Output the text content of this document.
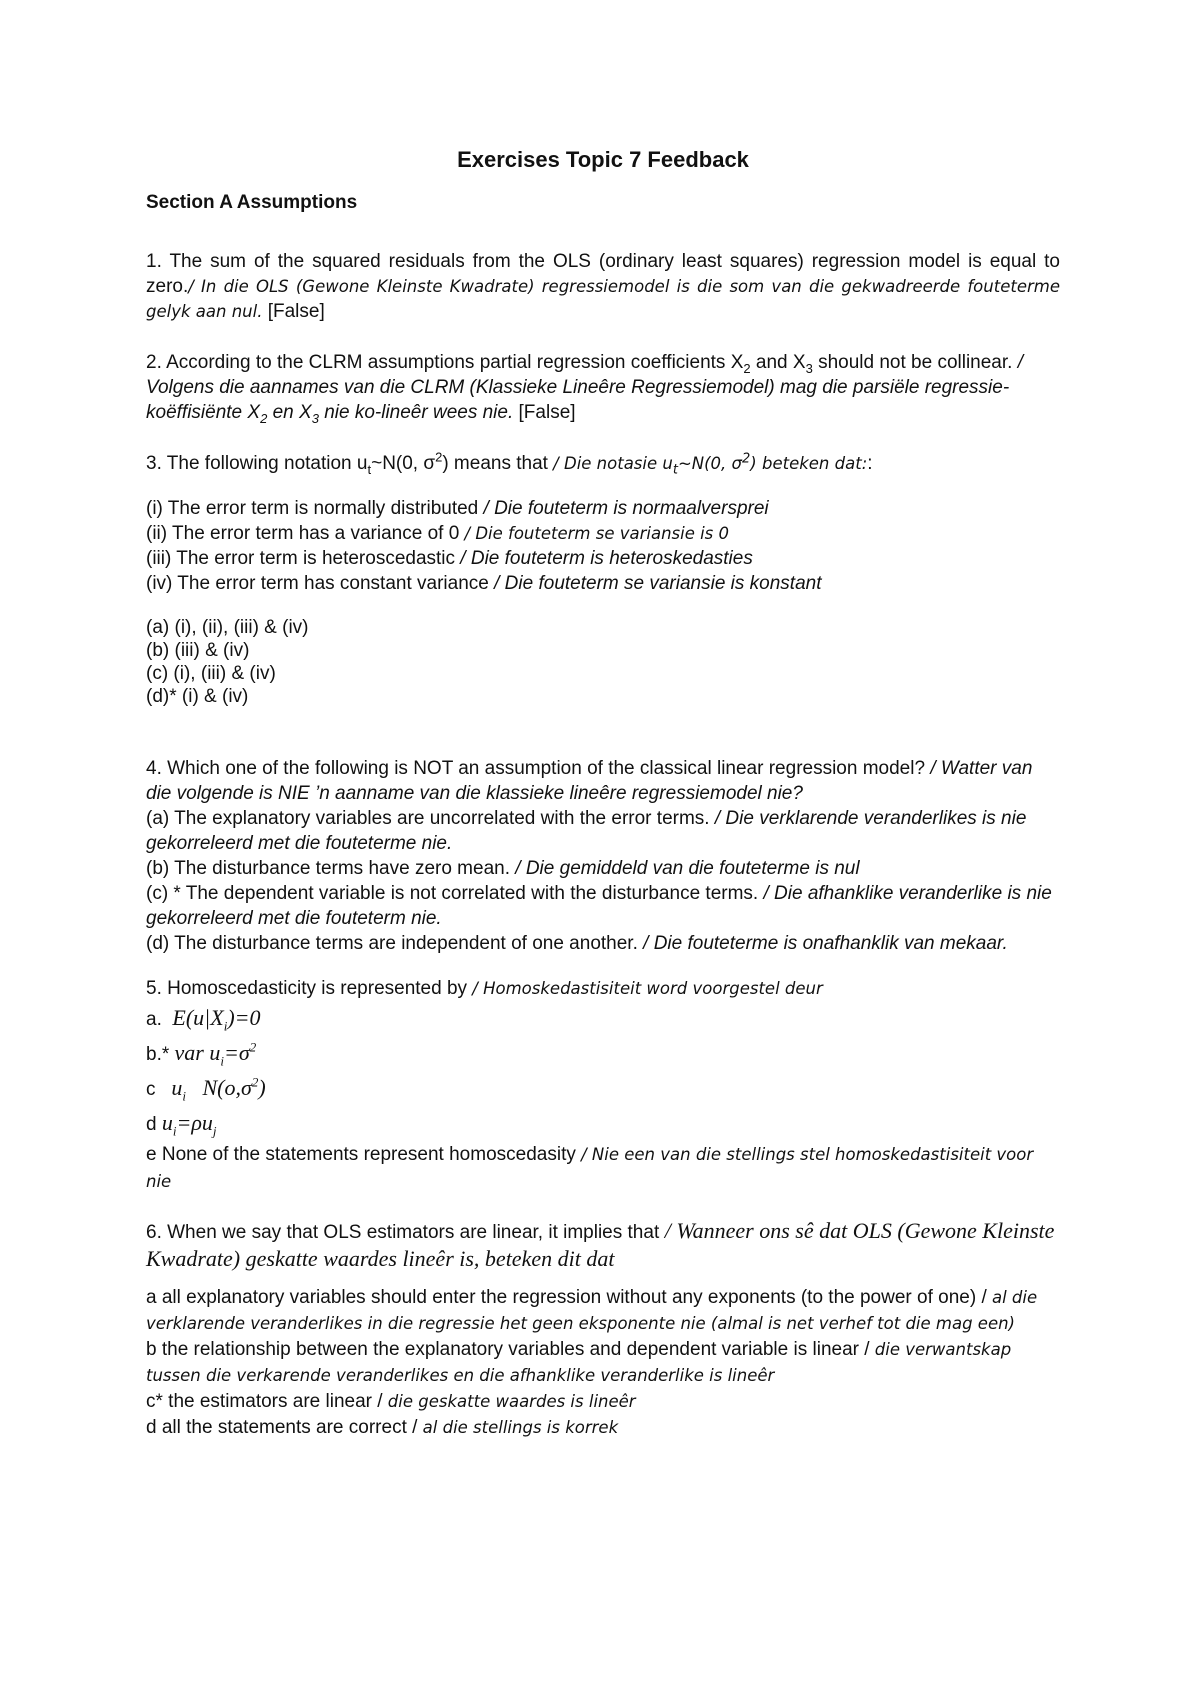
Exercises Topic 7 Feedback

Section A Assumptions

1. The sum of the squared residuals from the OLS (ordinary least squares) regression model is equal to zero./ In die OLS (Gewone Kleinste Kwadrate) regressiemodel is die som van die gekwadreerde fouteterme gelyk aan nul. [False]

2. According to the CLRM assumptions partial regression coefficients $X_2$ and $X_3$ should not be collinear. / Volgens die aannames van die CLRM (Klassieke Lineêre Regressiemodel) mag die parsiële regressie-koëffisiënte $X_2$ en $X_3$ nie ko-lineêr wees nie. [False]

3. The following notation $u_t\sim N(0$, $\sigma^2$) means that / Die notasie $u_t\sim N(0$, $\sigma^2$) beteken dat::

(i) The error term is normally distributed / Die fouteterm is normaalversprei

(ii) The error term has a variance of 0 / Die fouteterm se variansie is 0

(iii) The error term is heteroscedastic / Die fouteterm is heteroskedasties

(iv) The error term has constant variance / Die fouteterm se variansie is konstant

(a) (i), (ii), (iii) & (iv)

(b) (iii) & (iv)

(c) (i), (iii) & (iv)

(d)* (i) & (iv)

4. Which one of the following is NOT an assumption of the classical linear regression model? / Watter van die volgende is NIE ’n aanname van die klassieke lineêre regressiemodel nie?

(a) The explanatory variables are uncorrelated with the error terms. / Die verklarende veranderlikes is nie gekorreleerd met die fouteterme nie.

(b) The disturbance terms have zero mean. / Die gemiddeld van die fouteterme is nul

(c) * The dependent variable is not correlated with the disturbance terms. / Die afhanklike veranderlike is nie gekorreleerd met die fouteterm nie.

(d) The disturbance terms are independent of one another. / Die fouteterme is onafhanklik van mekaar.

5. Homoscedasticity is represented by / Homoskedastisiteit word voorgestel deur

a. $E(u|X_i)=0$

b.* var $u_i=\sigma^2$

c $u_i$ $N(o,\sigma^2)$

d $u_i=\rho u_j$

e None of the statements represent homoscedasity / Nie een van die stellings stel homoskedastisiteit voor nie

6. When we say that OLS estimators are linear, it implies that / Wanneer ons sê dat OLS (Gewone Kleinste Kwadrate) geskatte waardes lineêr is, beteken dit dat

a all explanatory variables should enter the regression without any exponents (to the power of one) / al die verklarende veranderlikes in die regressie het geen eksponente nie (almal is net verhef tot die mag een)

b the relationship between the explanatory variables and dependent variable is linear / die verwantskap tussen die verkarende veranderlikes en die afhanklike veranderlike is lineêr

c* the estimators are linear / die geskatte waardes is lineêr

d all the statements are correct / al die stellings is korrek
